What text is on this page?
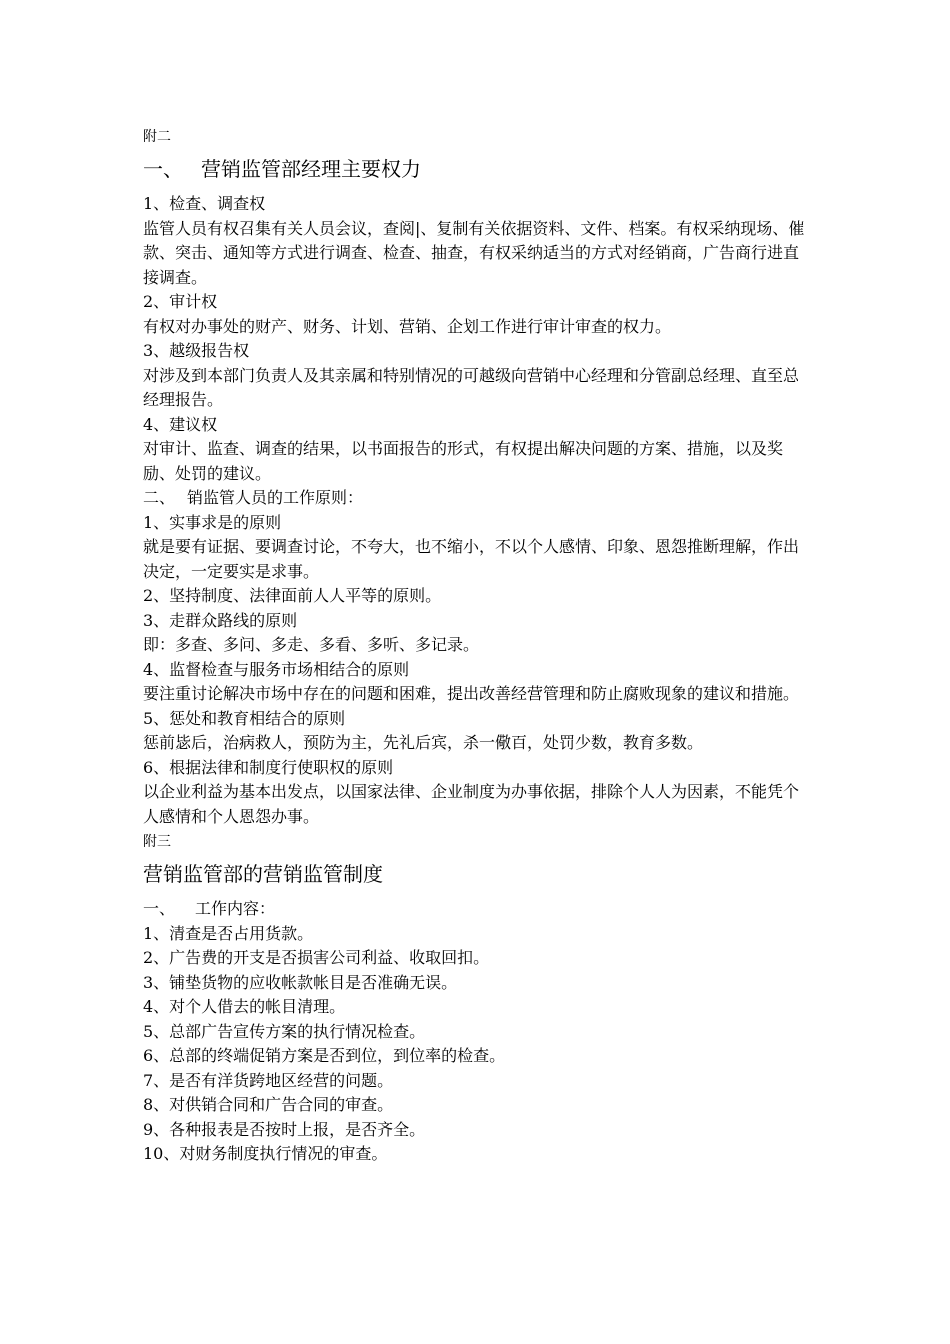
附二
一、 营销监管部经理主要权力

1、检查、调查权

监管人员有权召集有关人员会议，查阅|、复制有关依据资料、文件、档案。有权采纳现场、催款、突击、通知等方式进行调查、检查、抽查，有权采纳适当的方式对经销商，广告商行进直接调查。

2、审计权

有权对办事处的财产、财务、计划、营销、企划工作进行审计审查的权力。

3、越级报告权

对涉及到本部门负责人及其亲属和特别情况的可越级向营销中心经理和分管副总经理、直至总经理报告。

4、建议权

对审计、监查、调查的结果，以书面报告的形式，有权提出解决问题的方案、措施，以及奖励、处罚的建议。

二、 销监管人员的工作原则：

1、实事求是的原则

就是要有证据、要调查讨论，不夸大，也不缩小，不以个人感情、印象、恩怨推断理解，作出决定，一定要实是求事。

2、坚持制度、法律面前人人平等的原则。

3、走群众路线的原则

即：多查、多问、多走、多看、多听、多记录。

4、监督检查与服务市场相结合的原则

要注重讨论解决市场中存在的问题和困难，提出改善经营管理和防止腐败现象的建议和措施。

5、惩处和教育相结合的原则

惩前毖后，治病救人，预防为主，先礼后宾，杀一儆百，处罚少数，教育多数。

6、根据法律和制度行使职权的原则

以企业利益为基本出发点，以国家法律、企业制度为办事依据，排除个人人为因素，不能凭个人感情和个人恩怨办事。

附三
营销监管部的营销监管制度

一、 工作内容：

1、清查是否占用货款。

2、广告费的开支是否损害公司利益、收取回扣。

3、铺垫货物的应收帐款帐目是否准确无误。

4、对个人借去的帐目清理。

5、总部广告宣传方案的执行情况检查。

6、总部的终端促销方案是否到位，到位率的检查。

7、是否有洋货跨地区经营的问题。

8、对供销合同和广告合同的审查。

9、各种报表是否按时上报，是否齐全。

10、对财务制度执行情况的审查。
